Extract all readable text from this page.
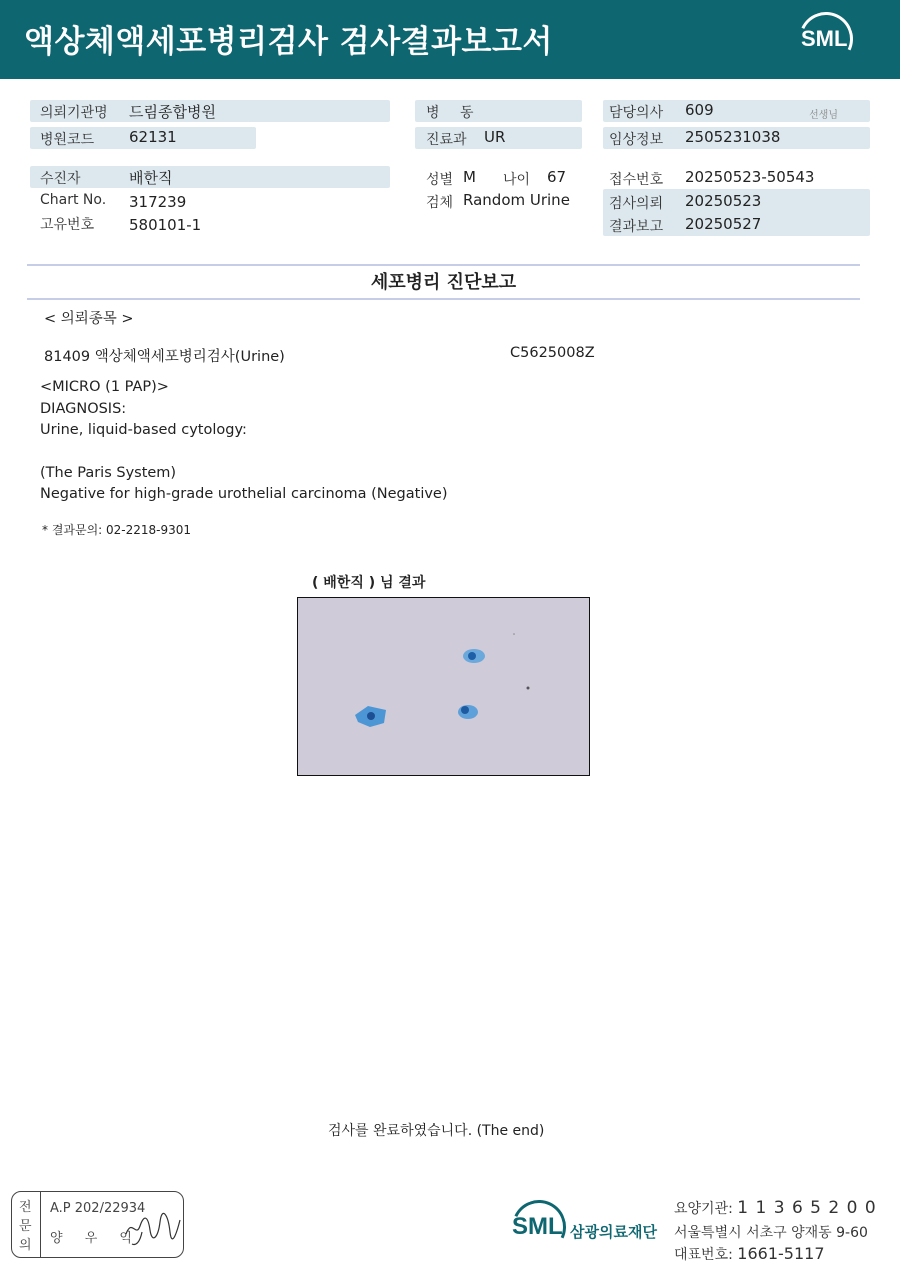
액상체액세포병리검사 검사결과보고서	SML
의뢰기관명 드림종합병원
병원코드 62131
수진자	배한직
Chart No. 317239
고유번호 580101-1
병 동
진료과 UR
성별 M 나이 67
검체 Random Urine
담당의사 609	선생님
임상정보 2505231038
접수번호 20250523-50543
검사의뢰 20250523
결과보고 20250527
세포병리 진단보고
< 의뢰종목 >
81409 액상체액세포병리검사(Urine)	C5625008Z
<MICRO (1 PAP)>
DIAGNOSIS:
Urine, liquid-based cytology:
(The Paris System)
Negative for high-grade urothelial carcinoma (Negative)
* 결과문의: 02-2218-9301
( 배한직 ) 님 결과
검사를 완료하였습니다. (The end)
전
문
의
A.P 202/22934
양 우 익	SML 삼광의료재단
요양기관: 1 1 3 6 5 2 0 0
서울특별시 서초구 양재동 9-60
대표번호: 1661-5117
